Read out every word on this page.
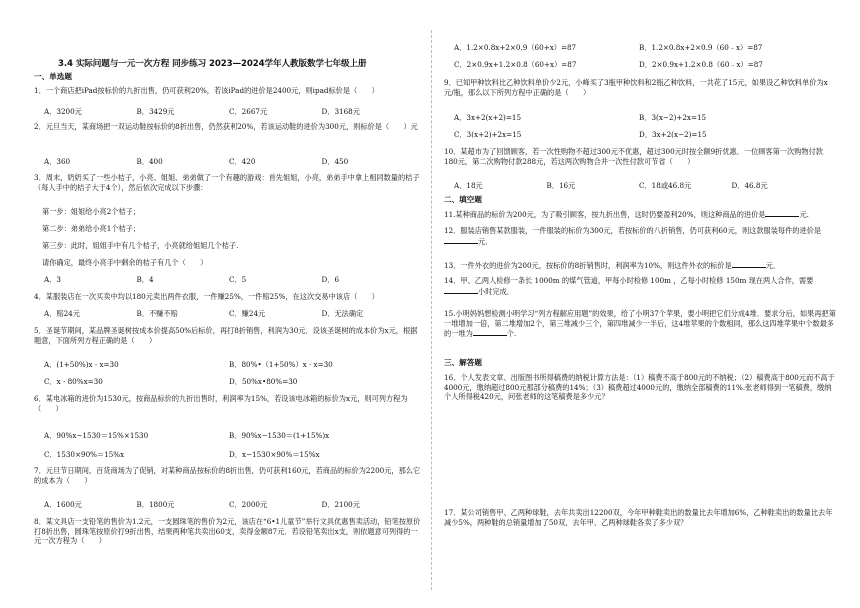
3.4 实际问题与一元一次方程 同步练习 2023—2024学年人教版数学七年级上册
一、单选题
1．一个商店把iPad按标价的九折出售，仍可获利20%，若该iPad的进价是2400元，则ipad标价是（　　）
A．3200元	B．3429元	C．2667元	D．3168元
2．元旦当天，某商场把一双运动鞋按标价的8折出售，仍然获利20%，若该运动鞋的进价为300元，则标价是（　　）元
A．360	B．400	C．420	D．450
3．周末，奶奶买了一些小桔子，小亮、姐姐、弟弟做了一个有趣的游戏：首先姐姐，小亮，弟弟手中拿上相同数量的桔子（每人手中的桔子大于4个），然后依次完成以下步骤：
第一步：姐姐给小亮2个桔子；
第二步：弟弟给小亮1个桔子；
第三步：此时，姐姐手中有几个桔子，小亮就给姐姐几个桔子.
请你确定，最终小亮手中剩余的桔子有几个（　　）
A．3	B．4	C．5	D．6
4．某服装店在一次买卖中均以180元卖出两件衣服，一件赚25%，一件赔25%，在这次交易中该店（　　）
A．赔24元	B．不赚不赔	C．赚24元	D．无法确定
5．圣诞节期间，某品牌圣诞树按成本价提高50%后标价，再打8折销售，利润为30元．设该圣诞树的成本价为x元，根据题意，下面所列方程正确的是（　　）
A．(1+50%)x · x=30	B．80%•（1+50%）x · x=30
C．x · 80%x=30	D．50%x•80%=30
6．某电冰箱的进价为1530元，按商品标价的九折出售时，利润率为15%，若设该电冰箱的标价为x元，则可列方程为（　　）
A．90%x−1530＝15%×1530	B．90%x−1530＝(1+15%)x
C．1530×90%＝15%x	D．x−1530×90%＝15%x
7．元旦节日期间，百货商场为了促销，对某种商品按标价的8折出售，仍可获利160元，若商品的标价为2200元，那么它的成本为（　　）
A．1600元	B．1800元	C．2000元	D．2100元
8．某文具店一支铅笔的售价为1.2元，一支圆珠笔的售价为2元，该店在“6•1儿童节”举行文具优惠售卖活动，铅笔按原价打8折出售，圆珠笔按原价打9折出售，结果两种笔共卖出60支，卖得金额87元．若设铅笔卖出x支，则依题意可列得的一元一次方程为（　　）
A．1.2×0.8x+2×0.9（60+x）=87	B．1.2×0.8x+2×0.9（60﹣x）=87
C．2×0.9x+1.2×0.8（60+x）=87	D．2×0.9x+1.2×0.8（60﹣x）=87
9．已知甲种饮料比乙种饮料单价少2元，小峰买了3瓶甲种饮料和2瓶乙种饮料，一共花了15元，如果设乙种饮料单价为x元/瓶，那么以下所列方程中正确的是（　　）
A．3x+2(x+2)=15	B．3(x−2)+2x=15
C．3(x+2)+2x=15	D．3x+2(x−2)=15
10．某超市为了回馈顾客，若一次性购物不超过300元不优惠，超过300元时按全额9折优惠．一位顾客第一次购物付款180元，第二次购物付款288元，若这两次购物合并一次性付款可节省（　　）
A．18元	B．16元	C．18或46.8元	D．46.8元
二、填空题
11.某种商品的标价为200元，为了吸引顾客，按九折出售，这时仍要盈利20%，则这种商品的进价是	元.
12．服装店销售某款服装，一件服装的标价为300元，若按标价的八折销售，仍可获利60元，则这款服装每件的进价是元．
13．一件外衣的进价为200元，按标价的8折销售时，利润率为10%，则这件外衣的标价是	元．
14．甲、乙两人检修一条长 1000m 的煤气管道，甲每小时检修 100m ，乙每小时检修 150m 现在两人合作，需要小时完成．
15.小明妈妈想检测小明学习“列方程解应用题”的效果，给了小明37个苹果，要小明把它们分成4堆．要求分后，如果再把第一堆增加一倍，第二堆增加2个，第三堆减少三个，第四堆减少一半后，这4堆苹果的个数相同，那么这四堆苹果中个数最多的一堆为	个.
三、解答题
16．个人发表文章、出版图书所得稿费的纳税计算方法是：（1）稿费不高于800元的不纳税；（2）稿费高于800元而不高于4000元，缴纳超过800元那部分稿费的14%；（3）稿费超过4000元的，缴纳全部稿费的11%.张老师得到一笔稿费，缴纳个人所得税420元，问张老师的这笔稿费是多少元？
17．某公司销售甲、乙两种球鞋，去年共卖出12200双，今年甲种鞋卖出的数量比去年增加6%，乙种鞋卖出的数量比去年减少5%，两种鞋的总销量增加了50双，去年甲、乙两种球鞋各卖了多少双？
